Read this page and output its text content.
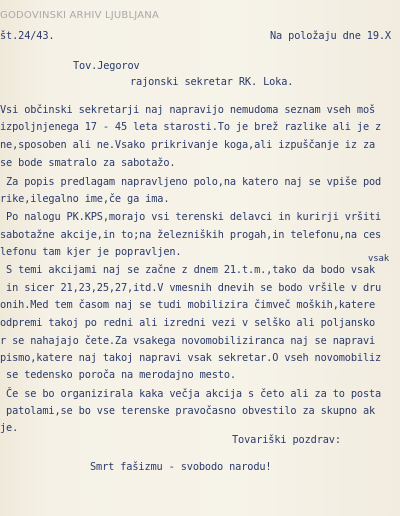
GODOVINSKI ARHIV LJUBLJANA
št.24/43.	Na položaju dne 19.X
Tov.Jegorov
rajonski sekretar RK. Loka.
Vsi občinski sekretarji naj napravijo nemudoma seznam vseh moš
izpoljnjenega 17 - 45 leta starosti.To je brež razlike ali je z
ne,sposoben ali ne.Vsako prikrivanje koga,ali izpuščanje iz za
se bode smatralo za sabotažo.
Za popis predlagam napravljeno polo,na katero naj se vpiše pod
rike,ilegalno ime,če ga ima.
Po nalogu PK.KPS,morajo vsi terenski delavci in kurirji vršiti
sabotažne akcije,in to;na železniških progah,in telefonu,na ces
lefonu tam kjer je popravljen.
vsak
S temi akcijami naj se začne z dnem 21.t.m.,tako da bodo vsak
in sicer 21,23,25,27,itd.V vmesnih dnevih se bodo vršile v dru
onih.Med tem časom naj se tudi mobilizira čimveč moških,katere
odpremi takoj po redni ali izredni vezi v selško ali poljansko
r se nahajajo čete.Za vsakega novomobiliziranca naj se napravi
pismo,katere naj takoj napravi vsak sekretar.O vseh novomobiliz
se tedensko poroča na merodajno mesto.
Če se bo organizirala kaka večja akcija s četo ali za to posta
patolami,se bo vse terenske pravočasno obvestilo za skupno ak
je.
Tovariški pozdrav:
Smrt fašizmu - svobodo narodu!
